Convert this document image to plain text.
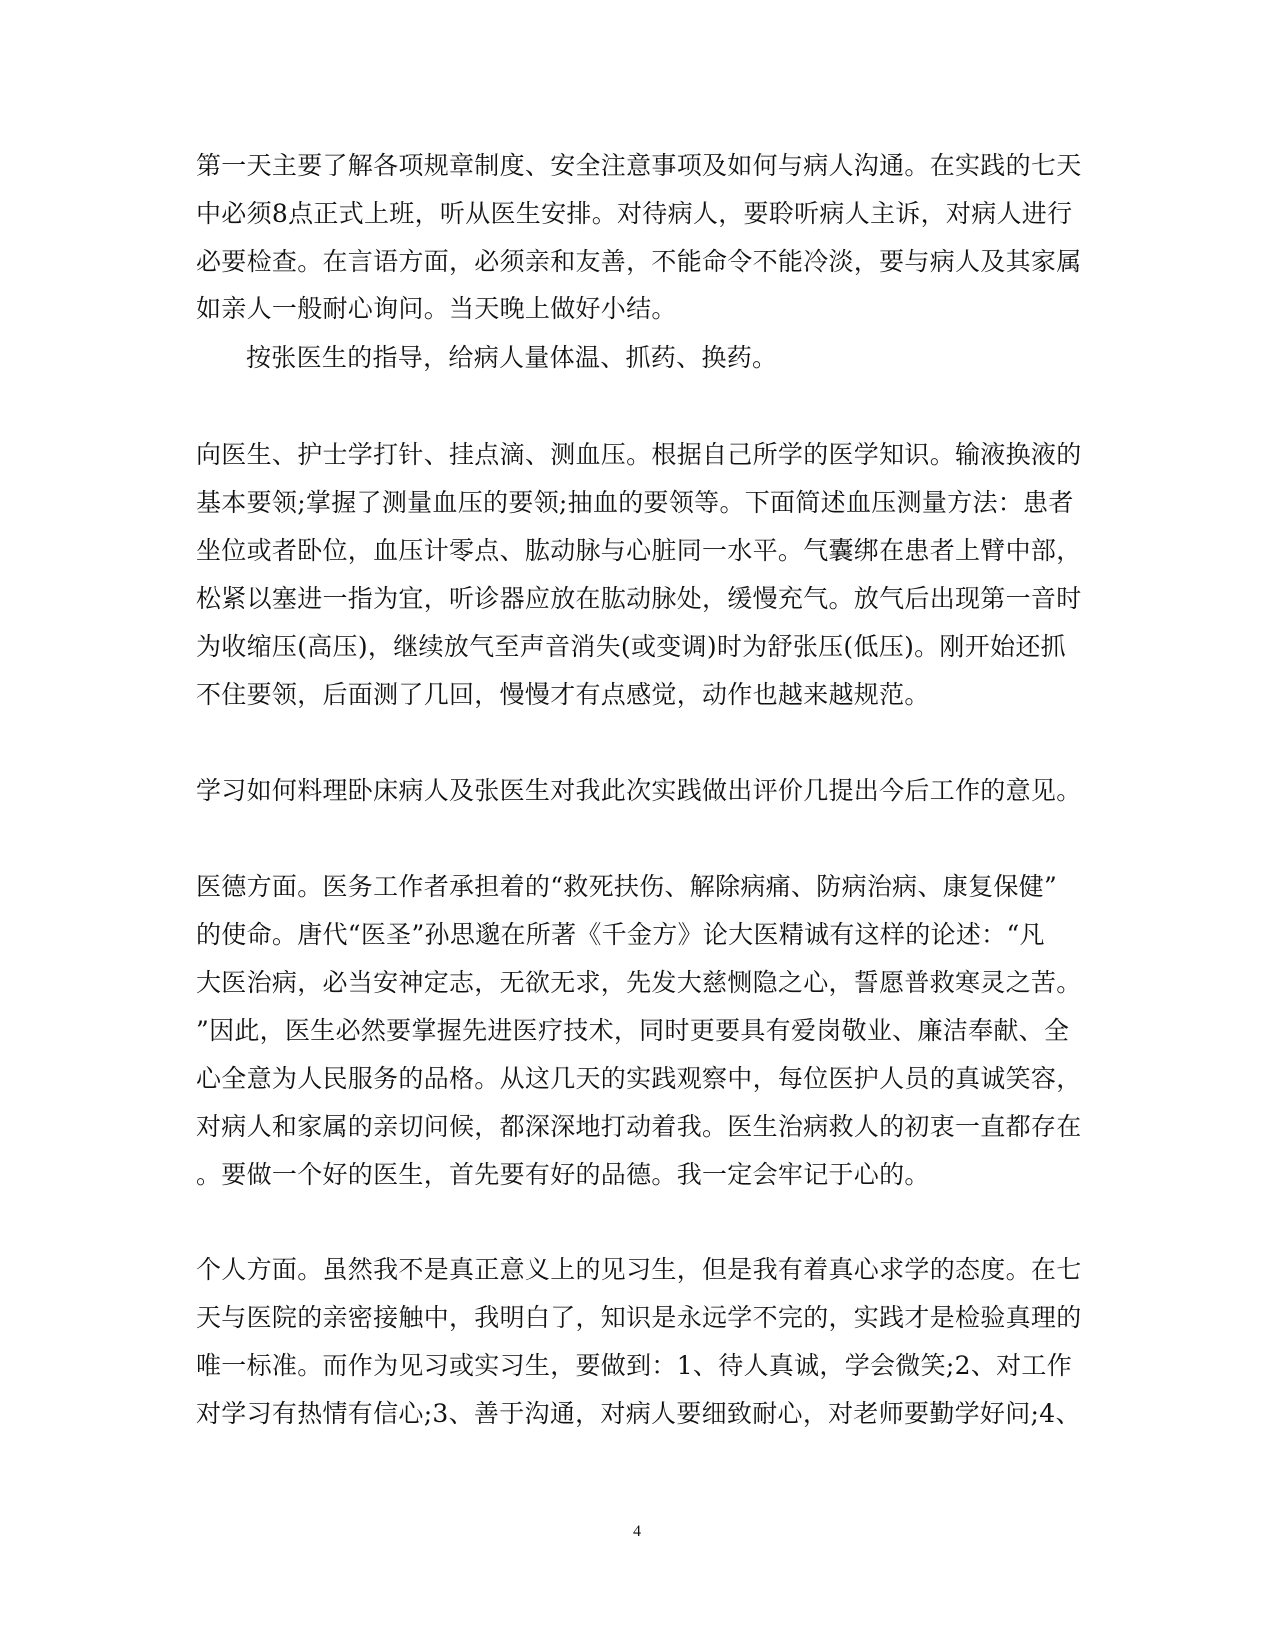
第一天主要了解各项规章制度、安全注意事项及如何与病人沟通。在实践的七天
中必须8点正式上班，听从医生安排。对待病人，要聆听病人主诉，对病人进行
必要检查。在言语方面，必须亲和友善，不能命令不能冷淡，要与病人及其家属
如亲人一般耐心询问。当天晚上做好小结。
按张医生的指导，给病人量体温、抓药、换药。
向医生、护士学打针、挂点滴、测血压。根据自己所学的医学知识。输液换液的
基本要领;掌握了测量血压的要领;抽血的要领等。下面简述血压测量方法：患者
坐位或者卧位，血压计零点、肱动脉与心脏同一水平。气囊绑在患者上臂中部，
松紧以塞进一指为宜，听诊器应放在肱动脉处，缓慢充气。放气后出现第一音时
为收缩压(高压)，继续放气至声音消失(或变调)时为舒张压(低压)。刚开始还抓
不住要领，后面测了几回，慢慢才有点感觉，动作也越来越规范。
学习如何料理卧床病人及张医生对我此次实践做出评价几提出今后工作的意见。
医德方面。医务工作者承担着的“救死扶伤、解除病痛、防病治病、康复保健”
的使命。唐代“医圣”孙思邈在所著《千金方》论大医精诚有这样的论述：“凡
大医治病，必当安神定志，无欲无求，先发大慈恻隐之心，誓愿普救寒灵之苦。
”因此，医生必然要掌握先进医疗技术，同时更要具有爱岗敬业、廉洁奉献、全
心全意为人民服务的品格。从这几天的实践观察中，每位医护人员的真诚笑容，
对病人和家属的亲切问候，都深深地打动着我。医生治病救人的初衷一直都存在
。要做一个好的医生，首先要有好的品德。我一定会牢记于心的。
个人方面。虽然我不是真正意义上的见习生，但是我有着真心求学的态度。在七
天与医院的亲密接触中，我明白了，知识是永远学不完的，实践才是检验真理的
唯一标准。而作为见习或实习生，要做到：1、待人真诚，学会微笑;2、对工作
对学习有热情有信心;3、善于沟通，对病人要细致耐心，对老师要勤学好问;4、
4
